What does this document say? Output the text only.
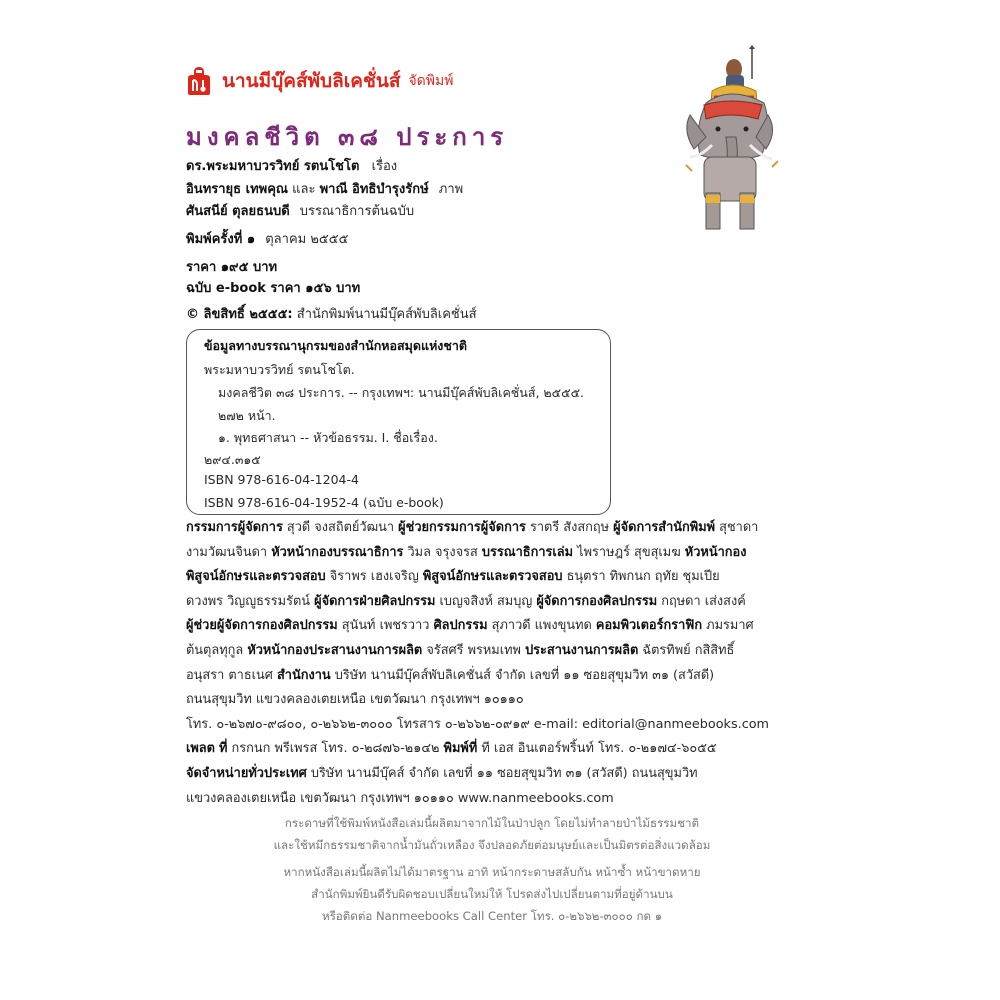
นานมีบุ๊คส์พับลิเคชั่นส์ จัดพิมพ์
มงคลชีวิต ๓๘ ประการ
ดร.พระมหาบวรวิทย์ รตนโชโต เรื่อง
อินทรายุธ เทพคุณ และ พาณี อิทธิบำรุงรักษ์ ภาพ
ศันสนีย์ ตุลยธนบดี บรรณาธิการต้นฉบับ
พิมพ์ครั้งที่ ๑ ตุลาคม ๒๕๕๕
ราคา ๑๙๕ บาท
ฉบับ e-book ราคา ๑๕๖ บาท
© ลิขสิทธิ์ ๒๕๕๕: สำนักพิมพ์นานมีบุ๊คส์พับลิเคชั่นส์
ข้อมูลทางบรรณานุกรมของสำนักหอสมุดแห่งชาติ
พระมหาบวรวิทย์ รตนโชโต.
มงคลชีวิต ๓๘ ประการ. -- กรุงเทพฯ: นานมีบุ๊คส์พับลิเคชั่นส์, ๒๕๕๕.
๒๗๒ หน้า.
๑. พุทธศาสนา -- หัวข้อธรรม. I. ชื่อเรื่อง.
๒๙๔.๓๑๕
ISBN 978-616-04-1204-4
ISBN 978-616-04-1952-4 (ฉบับ e-book)

กรรมการผู้จัดการ สุวดี จงสถิตย์วัฒนา ผู้ช่วยกรรมการผู้จัดการ ราตรี สังสกฤษ ผู้จัดการสำนักพิมพ์ สุชาดา

งามวัฒนจินดา หัวหน้ากองบรรณาธิการ วิมล จรุงจรส บรรณาธิการเล่ม ไพราษฎร์ สุขสุเมฆ หัวหน้ากอง

พิสูจน์อักษรและตรวจสอบ จิราพร เฮงเจริญ พิสูจน์อักษรและตรวจสอบ ธนุตรา ทิพกนก ฤทัย ชุมเปีย

ดวงพร วิญญูธรรมรัตน์ ผู้จัดการฝ่ายศิลปกรรม เบญจสิงห์ สมบุญ ผู้จัดการกองศิลปกรรม กฤษดา เส่งสงค์

ผู้ช่วยผู้จัดการกองศิลปกรรม สุนันท์ เพชรวาว ศิลปกรรม สุภาวดี แพงขุนทด คอมพิวเตอร์กราฟิก ภมรมาศ

ต้นตุลทุกูล หัวหน้ากองประสานงานการผลิต จรัสศรี พรหมเทพ ประสานงานการผลิต ฉัตรทิพย์ กสิสิทธิ์

อนุสรา ตาธเนศ สำนักงาน บริษัท นานมีบุ๊คส์พับลิเคชั่นส์ จำกัด เลขที่ ๑๑ ซอยสุขุมวิท ๓๑ (สวัสดี)

ถนนสุขุมวิท แขวงคลองเตยเหนือ เขตวัฒนา กรุงเทพฯ ๑๐๑๑๐

โทร. ๐-๒๖๗๐-๙๘๐๐, ๐-๒๖๖๒-๓๐๐๐ โทรสาร ๐-๒๖๖๒-๐๙๑๙ e-mail: editorial@nanmeebooks.com

เพลต ที่ กรกนก พรีเพรส โทร. ๐-๒๘๗๖-๒๑๔๒ พิมพ์ที่ ที เอส อินเตอร์พริ้นท์ โทร. ๐-๒๑๗๔-๖๐๕๕

จัดจำหน่ายทั่วประเทศ บริษัท นานมีบุ๊คส์ จำกัด เลขที่ ๑๑ ซอยสุขุมวิท ๓๑ (สวัสดี) ถนนสุขุมวิท

แขวงคลองเตยเหนือ เขตวัฒนา กรุงเทพฯ ๑๐๑๑๐ www.nanmeebooks.com

กระดาษที่ใช้พิมพ์หนังสือเล่มนี้ผลิตมาจากไม้ในป่าปลูก โดยไม่ทำลายป่าไม้ธรรมชาติ
และใช้หมึกธรรมชาติจากน้ำมันถั่วเหลือง จึงปลอดภัยต่อมนุษย์และเป็นมิตรต่อสิ่งแวดล้อม
หากหนังสือเล่มนี้ผลิตไม่ได้มาตรฐาน อาทิ หน้ากระดาษสลับกัน หน้าซ้ำ หน้าขาดหาย
สำนักพิมพ์ยินดีรับผิดชอบเปลี่ยนใหม่ให้ โปรดส่งไปเปลี่ยนตามที่อยู่ด้านบน
หรือติดต่อ Nanmeebooks Call Center โทร. ๐-๒๖๖๒-๓๐๐๐ กด ๑
